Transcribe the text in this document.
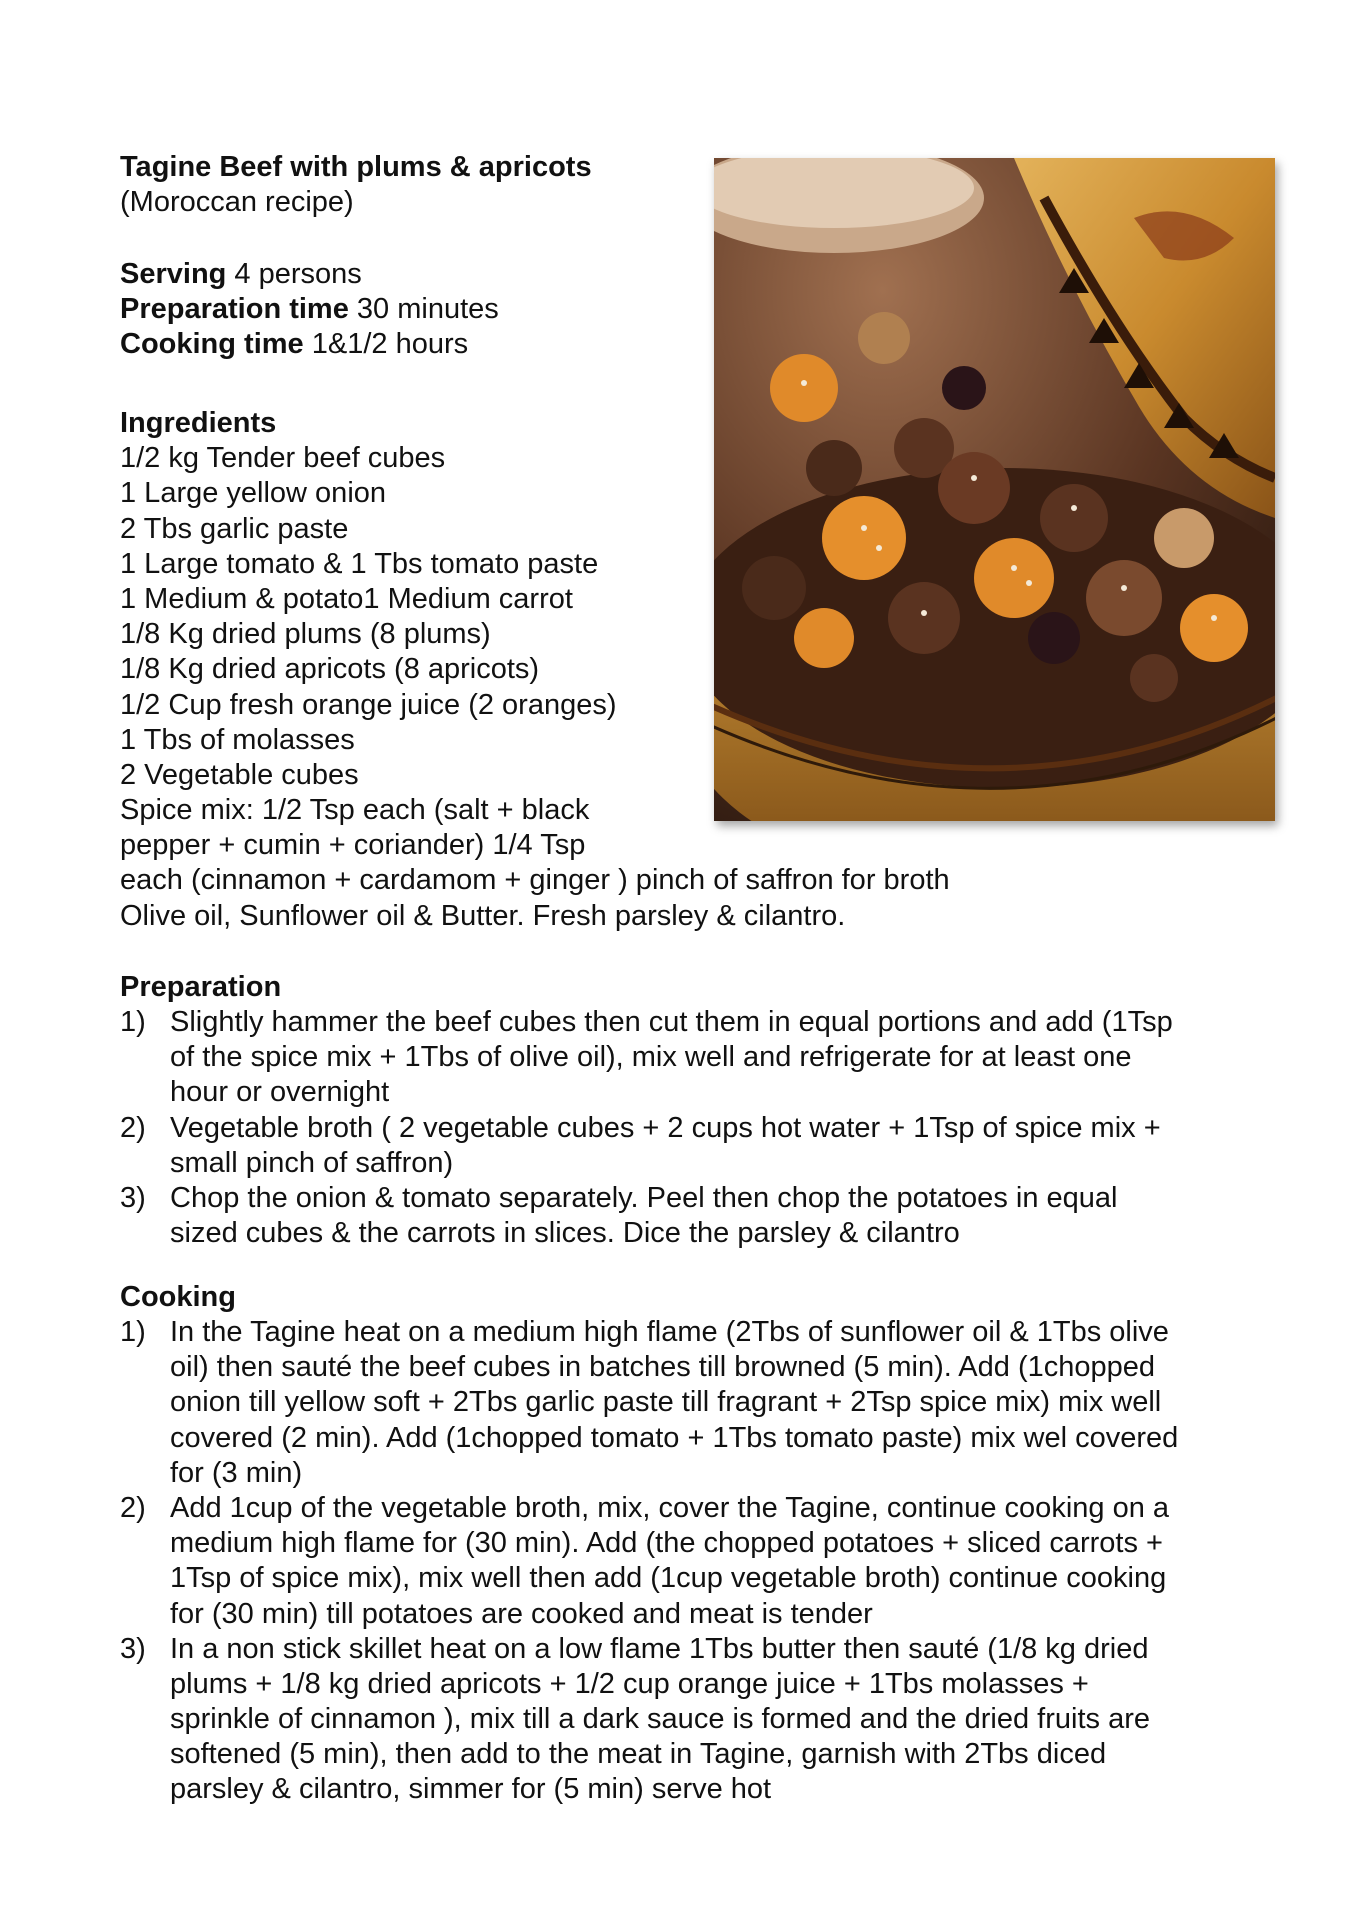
Tagine Beef with plums & apricots
(Moroccan recipe)
Serving 4 persons
Preparation time 30 minutes
Cooking time 1&1/2 hours
Ingredients
1/2 kg Tender beef cubes
1 Large yellow onion
2 Tbs garlic paste
1 Large tomato & 1 Tbs tomato paste
1 Medium & potato1 Medium carrot
1/8 Kg dried plums (8 plums)
1/8 Kg dried apricots (8 apricots)
1/2 Cup fresh orange juice (2 oranges)
1 Tbs of molasses
2 Vegetable cubes
Spice mix: 1/2 Tsp each (salt + black
pepper + cumin + coriander) 1/4 Tsp
each (cinnamon + cardamom + ginger ) pinch of saffron for broth
Olive oil, Sunflower oil & Butter. Fresh parsley & cilantro.
Preparation
1) Slightly hammer the beef cubes then cut them in equal portions and add (1Tsp
of the spice mix + 1Tbs of olive oil), mix well and refrigerate for at least one
hour or overnight
2) Vegetable broth ( 2 vegetable cubes + 2 cups hot water + 1Tsp of spice mix +
small pinch of saffron)
3) Chop the onion & tomato separately. Peel then chop the potatoes in equal
sized cubes & the carrots in slices. Dice the parsley & cilantro
Cooking
1) In the Tagine heat on a medium high flame (2Tbs of sunflower oil & 1Tbs olive
oil) then sauté the beef cubes in batches till browned (5 min). Add (1chopped
onion till yellow soft + 2Tbs garlic paste till fragrant + 2Tsp spice mix) mix well
covered (2 min). Add (1chopped tomato + 1Tbs tomato paste) mix wel covered
for (3 min)
2) Add 1cup of the vegetable broth, mix, cover the Tagine, continue cooking on a
medium high flame for (30 min). Add (the chopped potatoes + sliced carrots +
1Tsp of spice mix), mix well then add (1cup vegetable broth) continue cooking
for (30 min) till potatoes are cooked and meat is tender
3) In a non stick skillet heat on a low flame 1Tbs butter then sauté (1/8 kg dried
plums + 1/8 kg dried apricots + 1/2 cup orange juice + 1Tbs molasses +
sprinkle of cinnamon ), mix till a dark sauce is formed and the dried fruits are
softened (5 min), then add to the meat in Tagine, garnish with 2Tbs diced
parsley & cilantro, simmer for (5 min) serve hot
